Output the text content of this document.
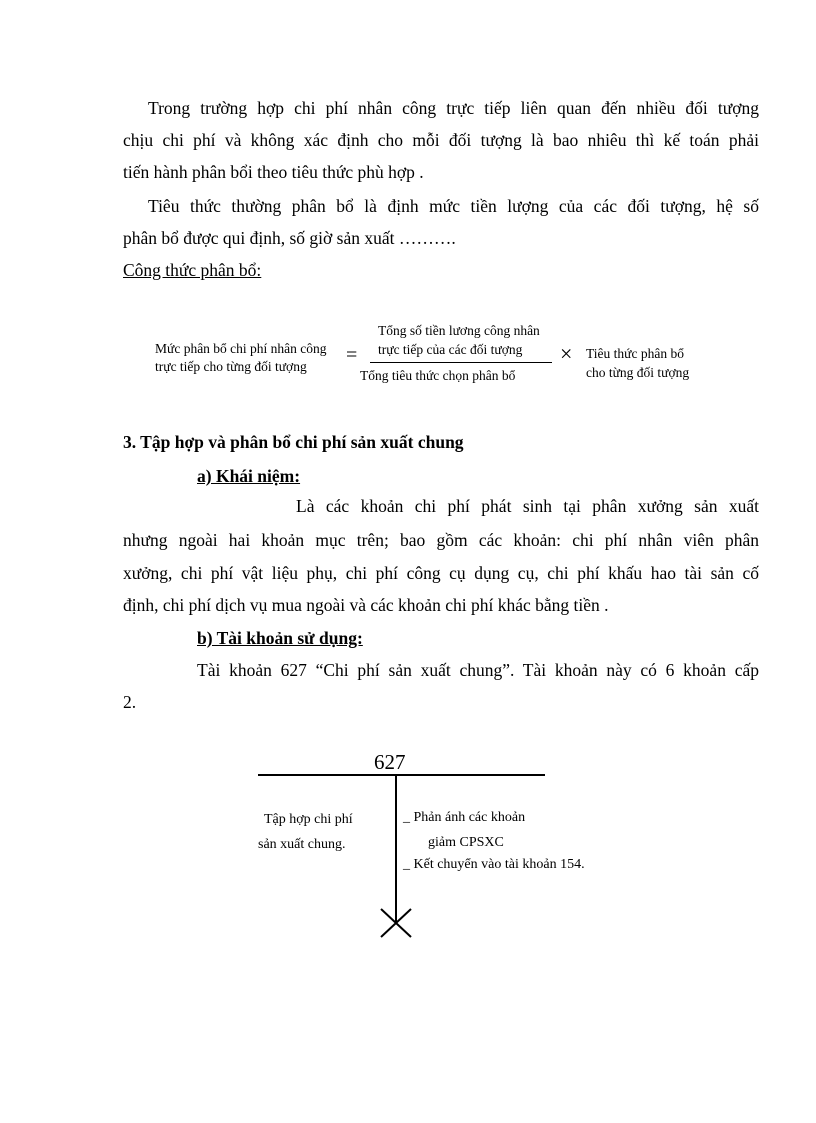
Trong trường hợp chi phí nhân công trực tiếp liên quan đến nhiều đối tượng
chịu chi phí và không xác định cho mỗi đối tượng là bao nhiêu thì kế toán phải
tiến hành phân bổi theo tiêu thức phù hợp .
Tiêu thức thường phân bổ là định mức tiền lượng của các đối tượng, hệ số
phân bổ được qui định, số giờ sản xuất ……….
Công thức phân bổ:
Mức phân bổ chi phí nhân công
trực tiếp cho từng đối tượng
=
Tổng số tiền lương công nhân
trực tiếp của các đối tượng
Tổng tiêu thức chọn phân bổ
× Tiêu thức phân bổ
cho từng đối tượng
3. Tập hợp và phân bổ chi phí sản xuất chung
a) Khái niệm:
Là các khoản chi phí phát sinh tại phân xưởng sản xuất
nhưng ngoài hai khoản mục trên; bao gồm các khoản: chi phí nhân viên phân
xưởng, chi phí vật liệu phụ, chi phí công cụ dụng cụ, chi phí khấu hao tài sản cố
định, chi phí dịch vụ mua ngoài và các khoản chi phí khác bằng tiền .
b) Tài khoản sử dụng:
Tài khoản 627 “Chi phí sản xuất chung”. Tài khoản này có 6 khoản cấp
2.
627
Tập hợp chi phí
sản xuất chung.
_ Phản ánh các khoản
giảm CPSXC
_ Kết chuyển vào tài khoản 154.
